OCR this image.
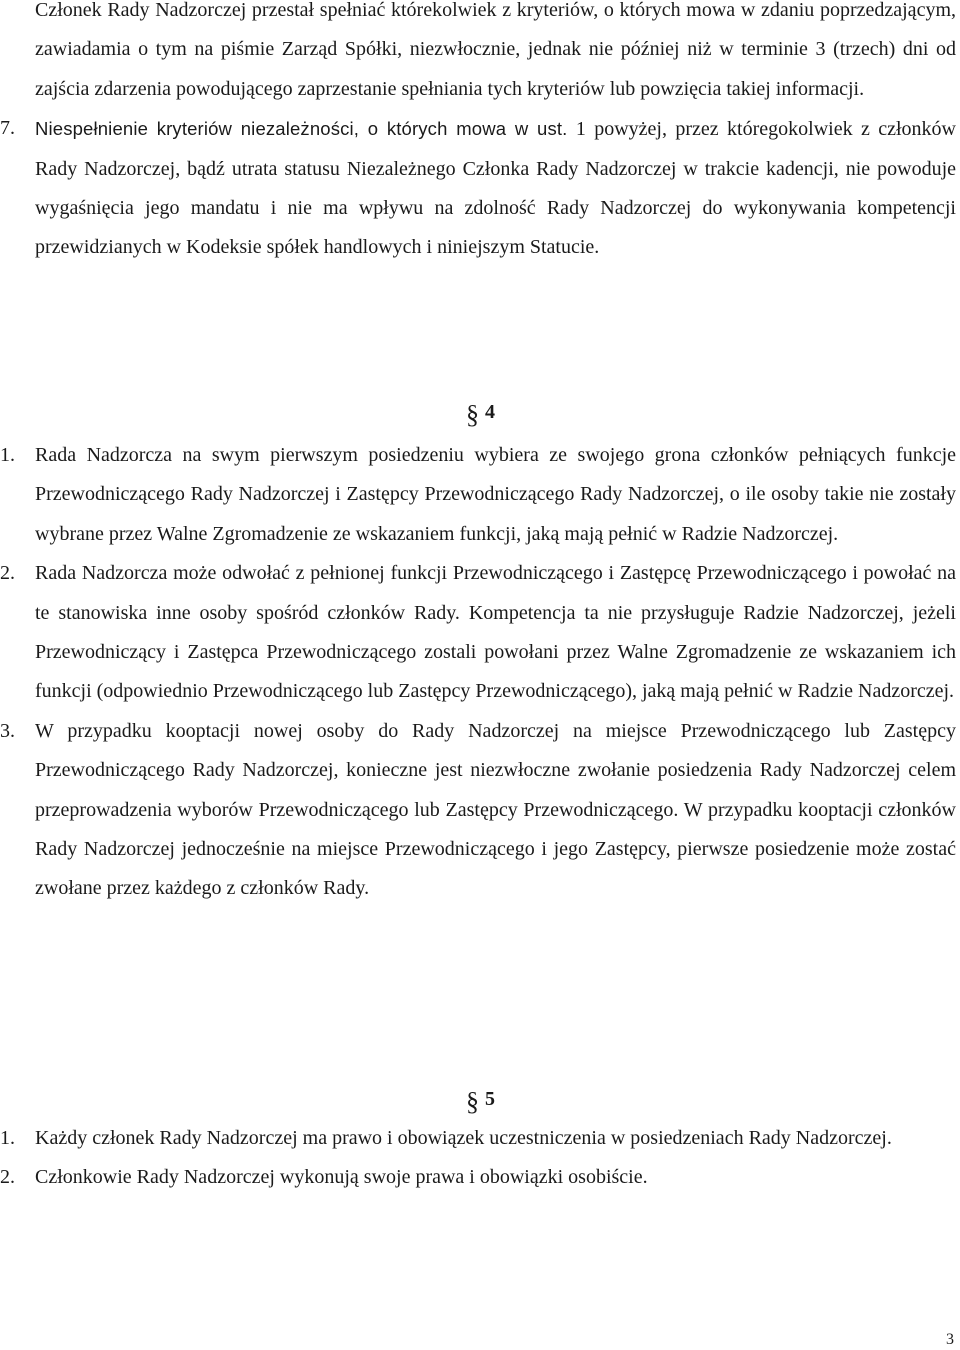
Członek Rady Nadzorczej przestał spełniać którekolwiek z kryteriów, o których mowa w zdaniu poprzedzającym, zawiadamia o tym na piśmie Zarząd Spółki, niezwłocznie, jednak nie później niż w terminie 3 (trzech) dni od zajścia zdarzenia powodującego zaprzestanie spełniania tych kryteriów lub powzięcia takiej informacji.

7. Niespełnienie kryteriów niezależności, o których mowa w ust. 1 powyżej, przez któregokolwiek z członków Rady Nadzorczej, bądź utrata statusu Niezależnego Członka Rady Nadzorczej w trakcie kadencji, nie powoduje wygaśnięcia jego mandatu i nie ma wpływu na zdolność Rady Nadzorczej do wykonywania kompetencji przewidzianych w Kodeksie spółek handlowych i niniejszym Statucie.
§ 4
1. Rada Nadzorcza na swym pierwszym posiedzeniu wybiera ze swojego grona członków pełniących funkcje Przewodniczącego Rady Nadzorczej i Zastępcy Przewodniczącego Rady Nadzorczej, o ile osoby takie nie zostały wybrane przez Walne Zgromadzenie ze wskazaniem funkcji, jaką mają pełnić w Radzie Nadzorczej.
2. Rada Nadzorcza może odwołać z pełnionej funkcji Przewodniczącego i Zastępcę Przewodniczącego i powołać na te stanowiska inne osoby spośród członków Rady. Kompetencja ta nie przysługuje Radzie Nadzorczej, jeżeli Przewodniczący i Zastępca Przewodniczącego zostali powołani przez Walne Zgromadzenie ze wskazaniem ich funkcji (odpowiednio Przewodniczącego lub Zastępcy Przewodniczącego), jaką mają pełnić w Radzie Nadzorczej.
3. W przypadku kooptacji nowej osoby do Rady Nadzorczej na miejsce Przewodniczącego lub Zastępcy Przewodniczącego Rady Nadzorczej, konieczne jest niezwłoczne zwołanie posiedzenia Rady Nadzorczej celem przeprowadzenia wyborów Przewodniczącego lub Zastępcy Przewodniczącego. W przypadku kooptacji członków Rady Nadzorczej jednocześnie na miejsce Przewodniczącego i jego Zastępcy, pierwsze posiedzenie może zostać zwołane przez każdego z członków Rady.
§ 5
1. Każdy członek Rady Nadzorczej ma prawo i obowiązek uczestniczenia w posiedzeniach Rady Nadzorczej.
2. Członkowie Rady Nadzorczej wykonują swoje prawa i obowiązki osobiście.
3
